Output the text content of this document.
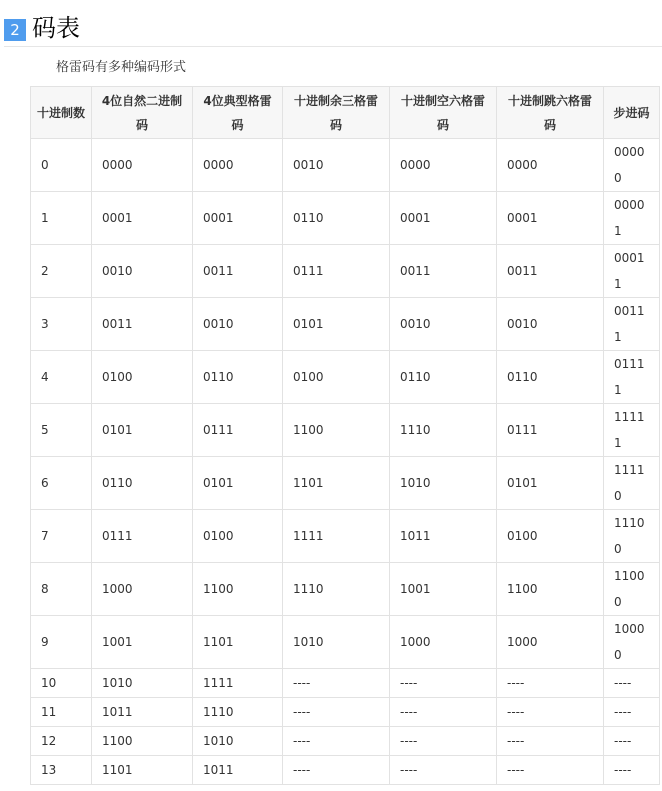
2 码表
格雷码有多种编码形式
十进制数	4位自然二进制码	4位典型格雷码	十进制余三格雷码	十进制空六格雷码	十进制跳六格雷码	步进码
0	0000	0000	0010	0000	0000	00000
1	0001	0001	0110	0001	0001	00001
2	0010	0011	0111	0011	0011	00011
3	0011	0010	0101	0010	0010	00111
4	0100	0110	0100	0110	0110	01111
5	0101	0111	1100	1110	0111	11111
6	0110	0101	1101	1010	0101	11110
7	0111	0100	1111	1011	0100	11100
8	1000	1100	1110	1001	1100	11000
9	1001	1101	1010	1000	1000	10000
10	1010	1111	----	----	----	----
11	1011	1110	----	----	----	----
12	1100	1010	----	----	----	----
13	1101	1011	----	----	----	----
